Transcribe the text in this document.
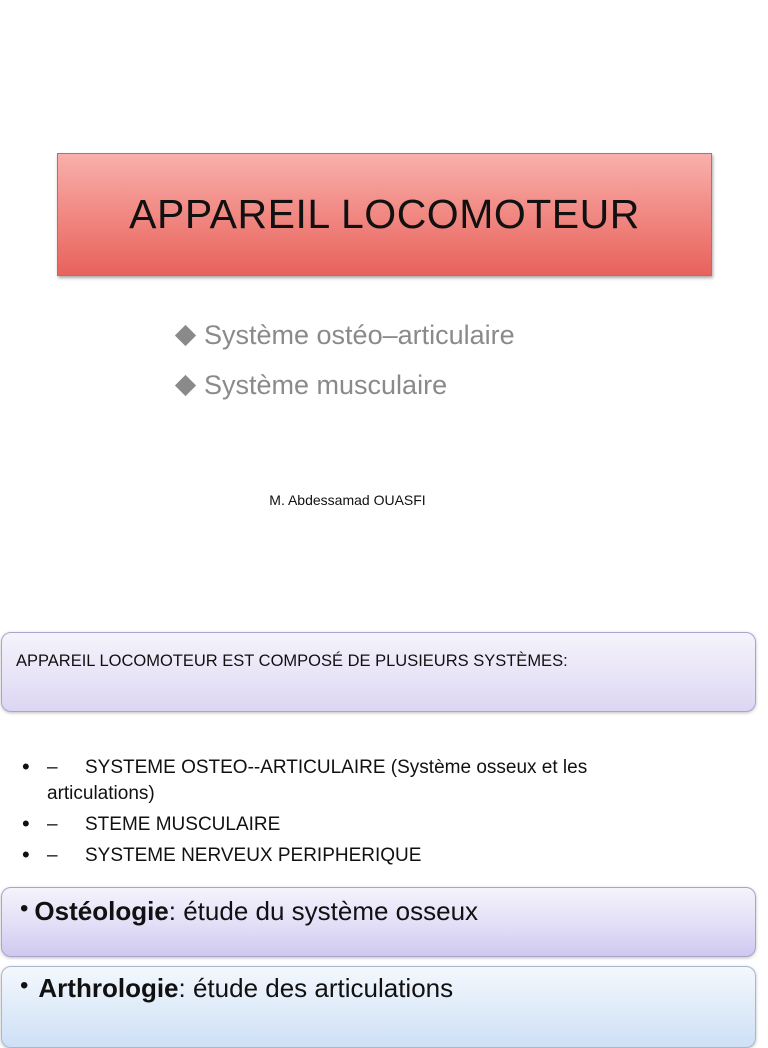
APPAREIL LOCOMOTEUR
Système ostéo–articulaire
Système musculaire
M. Abdessamad OUASFI
APPAREIL LOCOMOTEUR EST COMPOSÉ DE PLUSIEURS SYSTÈMES:
• – SYSTEME OSTEO--ARTICULAIRE (Système osseux et les articulations)
• – STEME MUSCULAIRE
• – SYSTEME NERVEUX PERIPHERIQUE
• Ostéologie: étude du système osseux
• Arthrologie: étude des articulations
